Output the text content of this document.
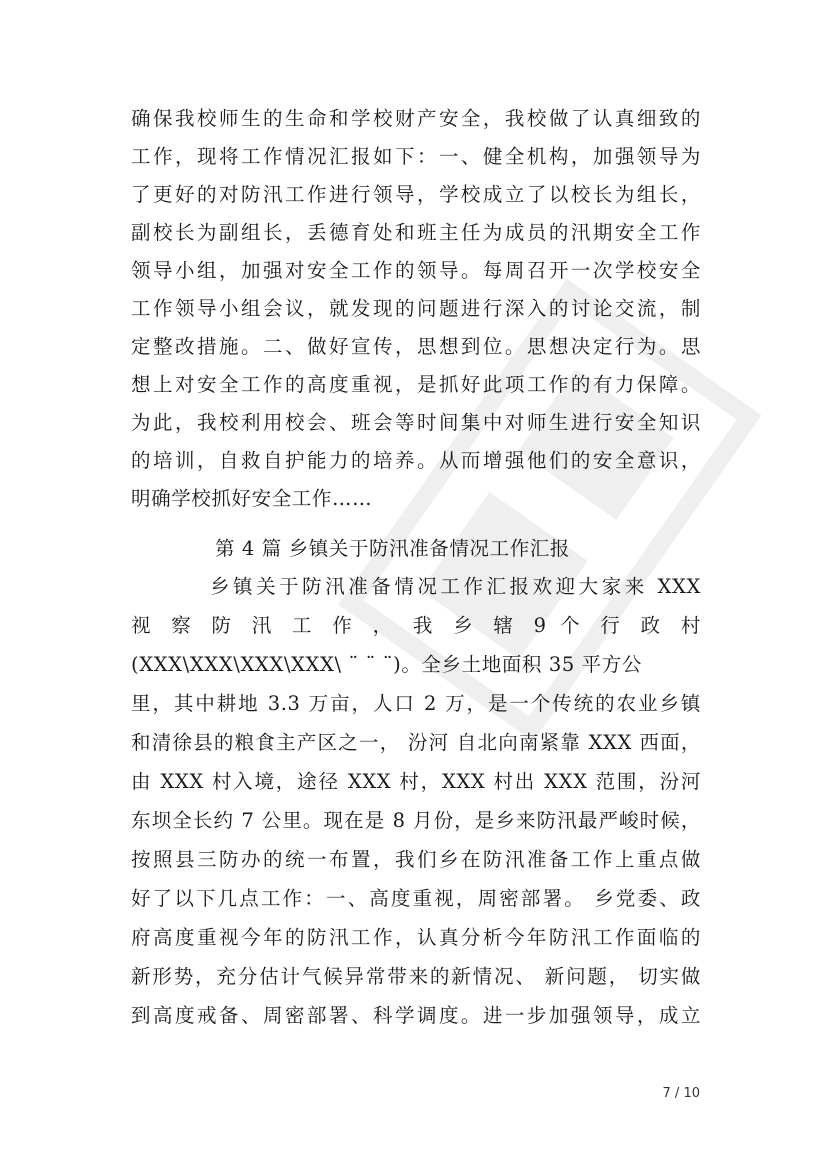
确保我校师生的生命和学校财产安全，我校做了认真细致的
工作，现将工作情况汇报如下：一、健全机构，加强领导为
了更好的对防汛工作进行领导，学校成立了以校长为组长，
副校长为副组长，丢德育处和班主任为成员的汛期安全工作
领导小组，加强对安全工作的领导。每周召开一次学校安全
工作领导小组会议，就发现的问题进行深入的讨论交流，制
定整改措施。二、做好宣传，思想到位。思想决定行为。思
想上对安全工作的高度重视，是抓好此项工作的有力保障。
为此，我校利用校会、班会等时间集中对师生进行安全知识
的培训，自救自护能力的培养。从而增强他们的安全意识，
明确学校抓好安全工作……
第 4 篇 乡镇关于防汛准备情况工作汇报
乡镇关于防汛准备情况工作汇报欢迎大家来 XXX
视 察 防 汛 工 作 ， 我 乡 辖 9 个 行 政 村
(XXX\XXX\XXX\XXX\ ¨ ¨ ¨)。全乡土地面积 35 平方公
里，其中耕地 3.3 万亩，人口 2 万，是一个传统的农业乡镇
和清徐县的粮食主产区之一， 汾河 自北向南紧靠 XXX 西面，
由 XXX 村入境，途径 XXX 村，XXX 村出 XXX 范围，汾河
东坝全长约 7 公里。现在是 8 月份，是乡来防汛最严峻时候，
按照县三防办的统一布置，我们乡在防汛准备工作上重点做
好了以下几点工作：一、高度重视，周密部署。 乡党委、政
府高度重视今年的防汛工作，认真分析今年防汛工作面临的
新形势，充分估计气候异常带来的新情况、 新问题， 切实做
到高度戒备、周密部署、科学调度。进一步加强领导，成立
7 / 10
